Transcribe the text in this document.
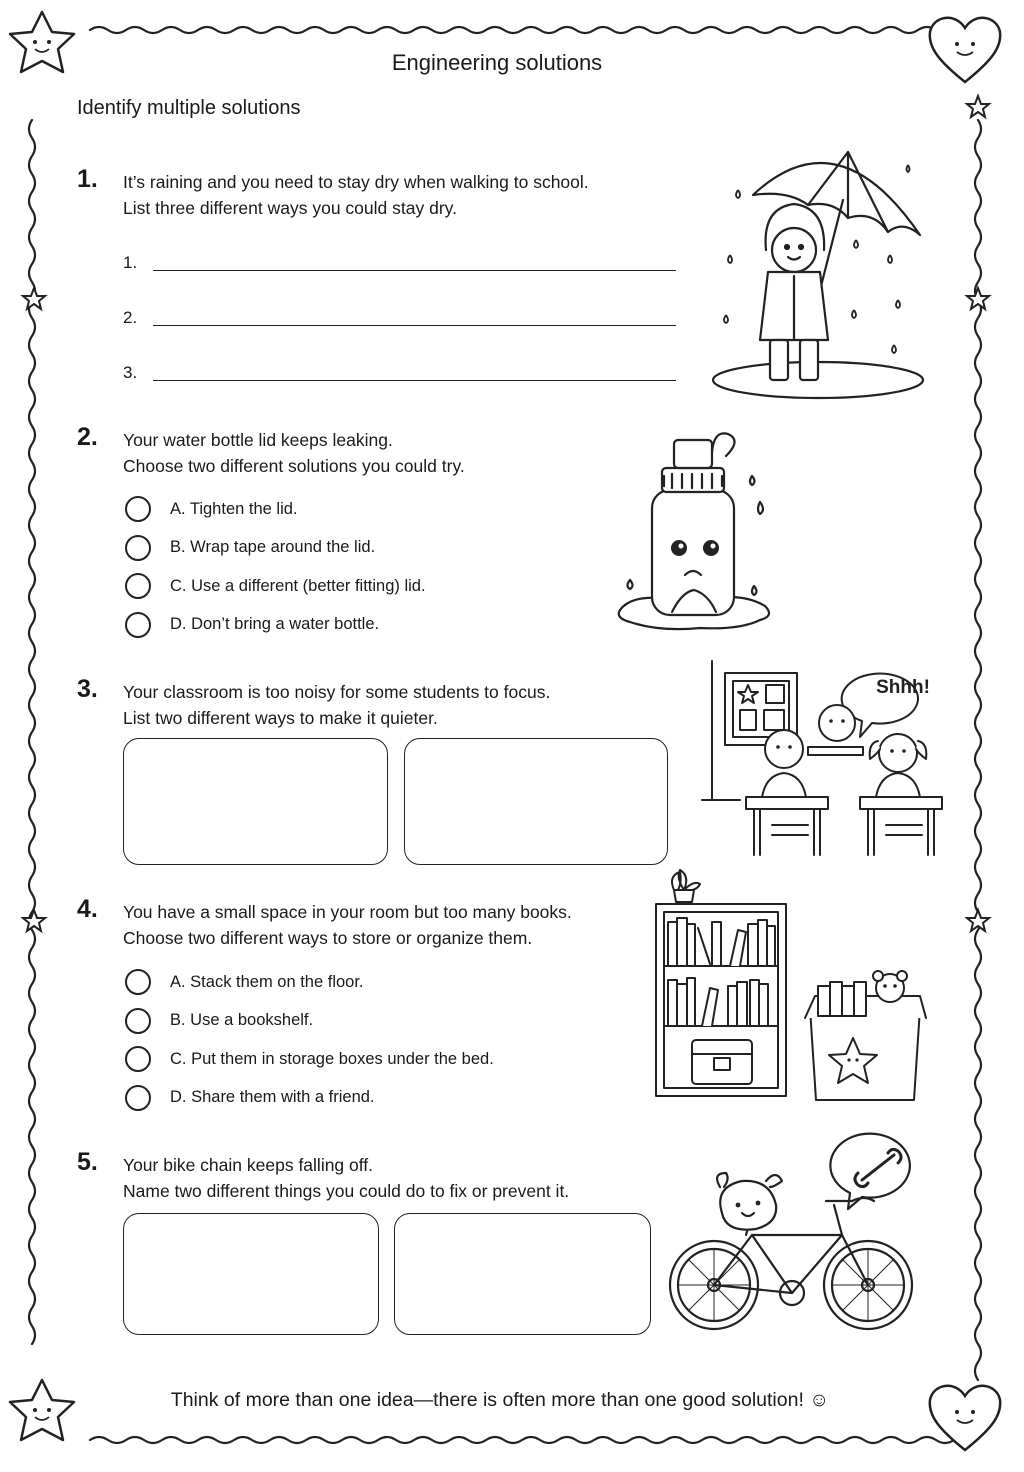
Engineering solutions
Identify multiple solutions
1. It’s raining and you need to stay dry when walking to school.
List three different ways you could stay dry.
1.
2.
3.
2. Your water bottle lid keeps leaking.
Choose two different solutions you could try.
A. Tighten the lid.
B. Wrap tape around the lid.
C. Use a different (better fitting) lid.
D. Don’t bring a water bottle.
3. Your classroom is too noisy for some students to focus.
List two different ways to make it quieter.
Shhh!
4. You have a small space in your room but too many books.
Choose two different ways to store or organize them.
A. Stack them on the floor.
B. Use a bookshelf.
C. Put them in storage boxes under the bed.
D. Share them with a friend.
5. Your bike chain keeps falling off.
Name two different things you could do to fix or prevent it.
Think of more than one idea—there is often more than one good solution! ☺
